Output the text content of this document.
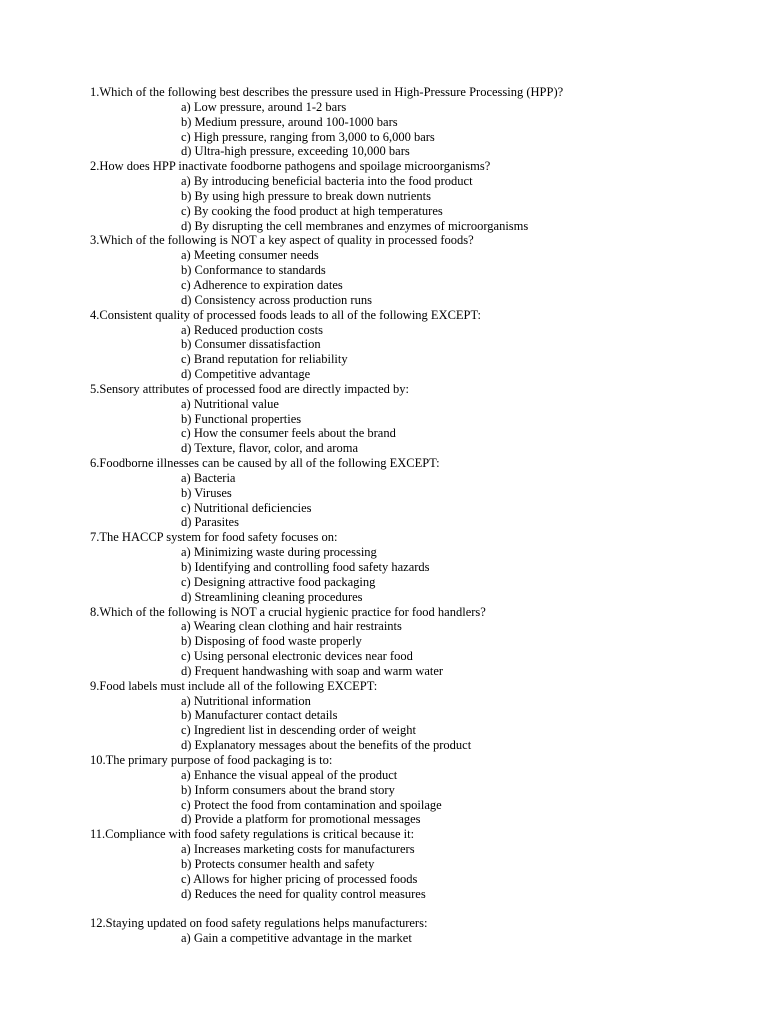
1.Which of the following best describes the pressure used in High-Pressure Processing (HPP)?
a) Low pressure, around 1-2 bars
b) Medium pressure, around 100-1000 bars
c) High pressure, ranging from 3,000 to 6,000 bars
d) Ultra-high pressure, exceeding 10,000 bars
2.How does HPP inactivate foodborne pathogens and spoilage microorganisms?
a) By introducing beneficial bacteria into the food product
b) By using high pressure to break down nutrients
c) By cooking the food product at high temperatures
d) By disrupting the cell membranes and enzymes of microorganisms
3.Which of the following is NOT a key aspect of quality in processed foods?
a) Meeting consumer needs
b) Conformance to standards
c) Adherence to expiration dates
d) Consistency across production runs
4.Consistent quality of processed foods leads to all of the following EXCEPT:
a) Reduced production costs
b) Consumer dissatisfaction
c) Brand reputation for reliability
d) Competitive advantage
5.Sensory attributes of processed food are directly impacted by:
a) Nutritional value
b) Functional properties
c) How the consumer feels about the brand
d) Texture, flavor, color, and aroma
6.Foodborne illnesses can be caused by all of the following EXCEPT:
a) Bacteria
b) Viruses
c) Nutritional deficiencies
d) Parasites
7.The HACCP system for food safety focuses on:
a) Minimizing waste during processing
b) Identifying and controlling food safety hazards
c) Designing attractive food packaging
d) Streamlining cleaning procedures
8.Which of the following is NOT a crucial hygienic practice for food handlers?
a) Wearing clean clothing and hair restraints
b) Disposing of food waste properly
c) Using personal electronic devices near food
d) Frequent handwashing with soap and warm water
9.Food labels must include all of the following EXCEPT:
a) Nutritional information
b) Manufacturer contact details
c) Ingredient list in descending order of weight
d) Explanatory messages about the benefits of the product
10.The primary purpose of food packaging is to:
a) Enhance the visual appeal of the product
b) Inform consumers about the brand story
c) Protect the food from contamination and spoilage
d) Provide a platform for promotional messages
11.Compliance with food safety regulations is critical because it:
a) Increases marketing costs for manufacturers
b) Protects consumer health and safety
c) Allows for higher pricing of processed foods
d) Reduces the need for quality control measures
12.Staying updated on food safety regulations helps manufacturers:
a) Gain a competitive advantage in the market
